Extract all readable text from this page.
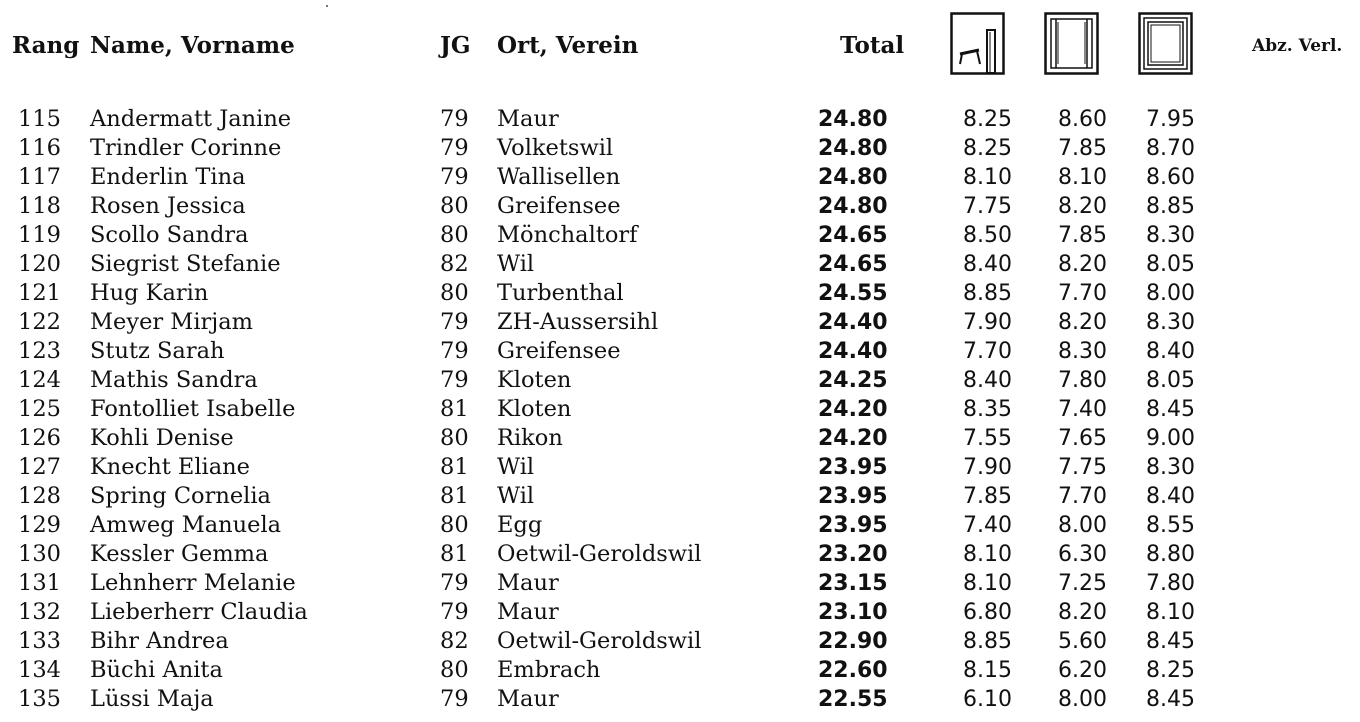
Rang Name, Vorname	JG Ort, Verein	Total	Abz. Verl.
115 Andermatt Janine	79 Maur	24.80	8.25 8.60 7.95
116 Trindler Corinne	79 Volketswil	24.80	8.25 7.85 8.70
117 Enderlin Tina	79 Wallisellen	24.80	8.10 8.10 8.60
118 Rosen Jessica	80 Greifensee	24.80	7.75 8.20 8.85
119 Scollo Sandra	80 Mönchaltorf	24.65	8.50 7.85 8.30
120 Siegrist Stefanie	82 Wil	24.65	8.40 8.20 8.05
121 Hug Karin	80 Turbenthal	24.55	8.85 7.70 8.00
122 Meyer Mirjam	79 ZH-Aussersihl	24.40	7.90 8.20 8.30
123 Stutz Sarah	79 Greifensee	24.40	7.70 8.30 8.40
124 Mathis Sandra	79 Kloten	24.25	8.40 7.80 8.05
125 Fontolliet Isabelle	81 Kloten	24.20	8.35 7.40 8.45
126 Kohli Denise	80 Rikon	24.20	7.55 7.65 9.00
127 Knecht Eliane	81 Wil	23.95	7.90 7.75 8.30
128 Spring Cornelia	81 Wil	23.95	7.85 7.70 8.40
129 Amweg Manuela	80 Egg	23.95	7.40 8.00 8.55
130 Kessler Gemma	81 Oetwil-Geroldswil	23.20	8.10 6.30 8.80
131 Lehnherr Melanie	79 Maur	23.15	8.10 7.25 7.80
132 Lieberherr Claudia	79 Maur	23.10	6.80 8.20 8.10
133 Bihr Andrea	82 Oetwil-Geroldswil	22.90	8.85 5.60 8.45
134 Büchi Anita	80 Embrach	22.60	8.15 6.20 8.25
135 Lüssi Maja	79 Maur	22.55	6.10 8.00 8.45
